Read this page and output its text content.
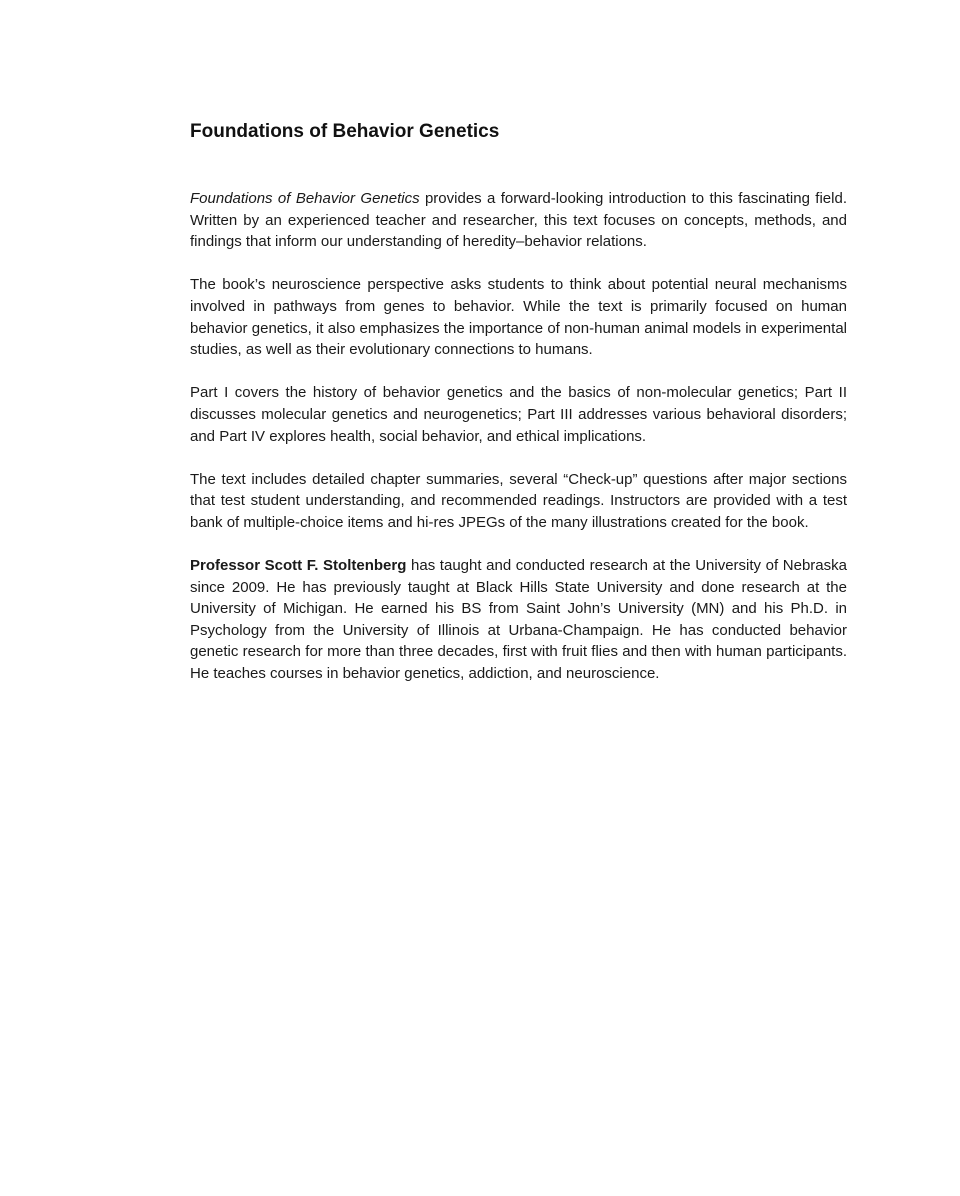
Foundations of Behavior Genetics

Foundations of Behavior Genetics provides a forward-looking introduction to this fascinating field. Written by an experienced teacher and researcher, this text focuses on concepts, methods, and findings that inform our understanding of heredity–behavior relations.

The book’s neuroscience perspective asks students to think about potential neural mechanisms involved in pathways from genes to behavior. While the text is primarily focused on human behavior genetics, it also emphasizes the importance of non-human animal models in experimental studies, as well as their evolutionary connections to humans.

Part I covers the history of behavior genetics and the basics of non-molecular genetics; Part II discusses molecular genetics and neurogenetics; Part III addresses various behavioral disorders; and Part IV explores health, social behavior, and ethical implications.

The text includes detailed chapter summaries, several “Check-up” questions after major sections that test student understanding, and recommended readings. Instructors are provided with a test bank of multiple-choice items and hi-res JPEGs of the many illustrations created for the book.

Professor Scott F. Stoltenberg has taught and conducted research at the University of Nebraska since 2009. He has previously taught at Black Hills State University and done research at the University of Michigan. He earned his BS from Saint John’s University (MN) and his Ph.D. in Psychology from the University of Illinois at Urbana-Champaign. He has conducted behavior genetic research for more than three decades, first with fruit flies and then with human participants. He teaches courses in behavior genetics, addiction, and neuroscience.
